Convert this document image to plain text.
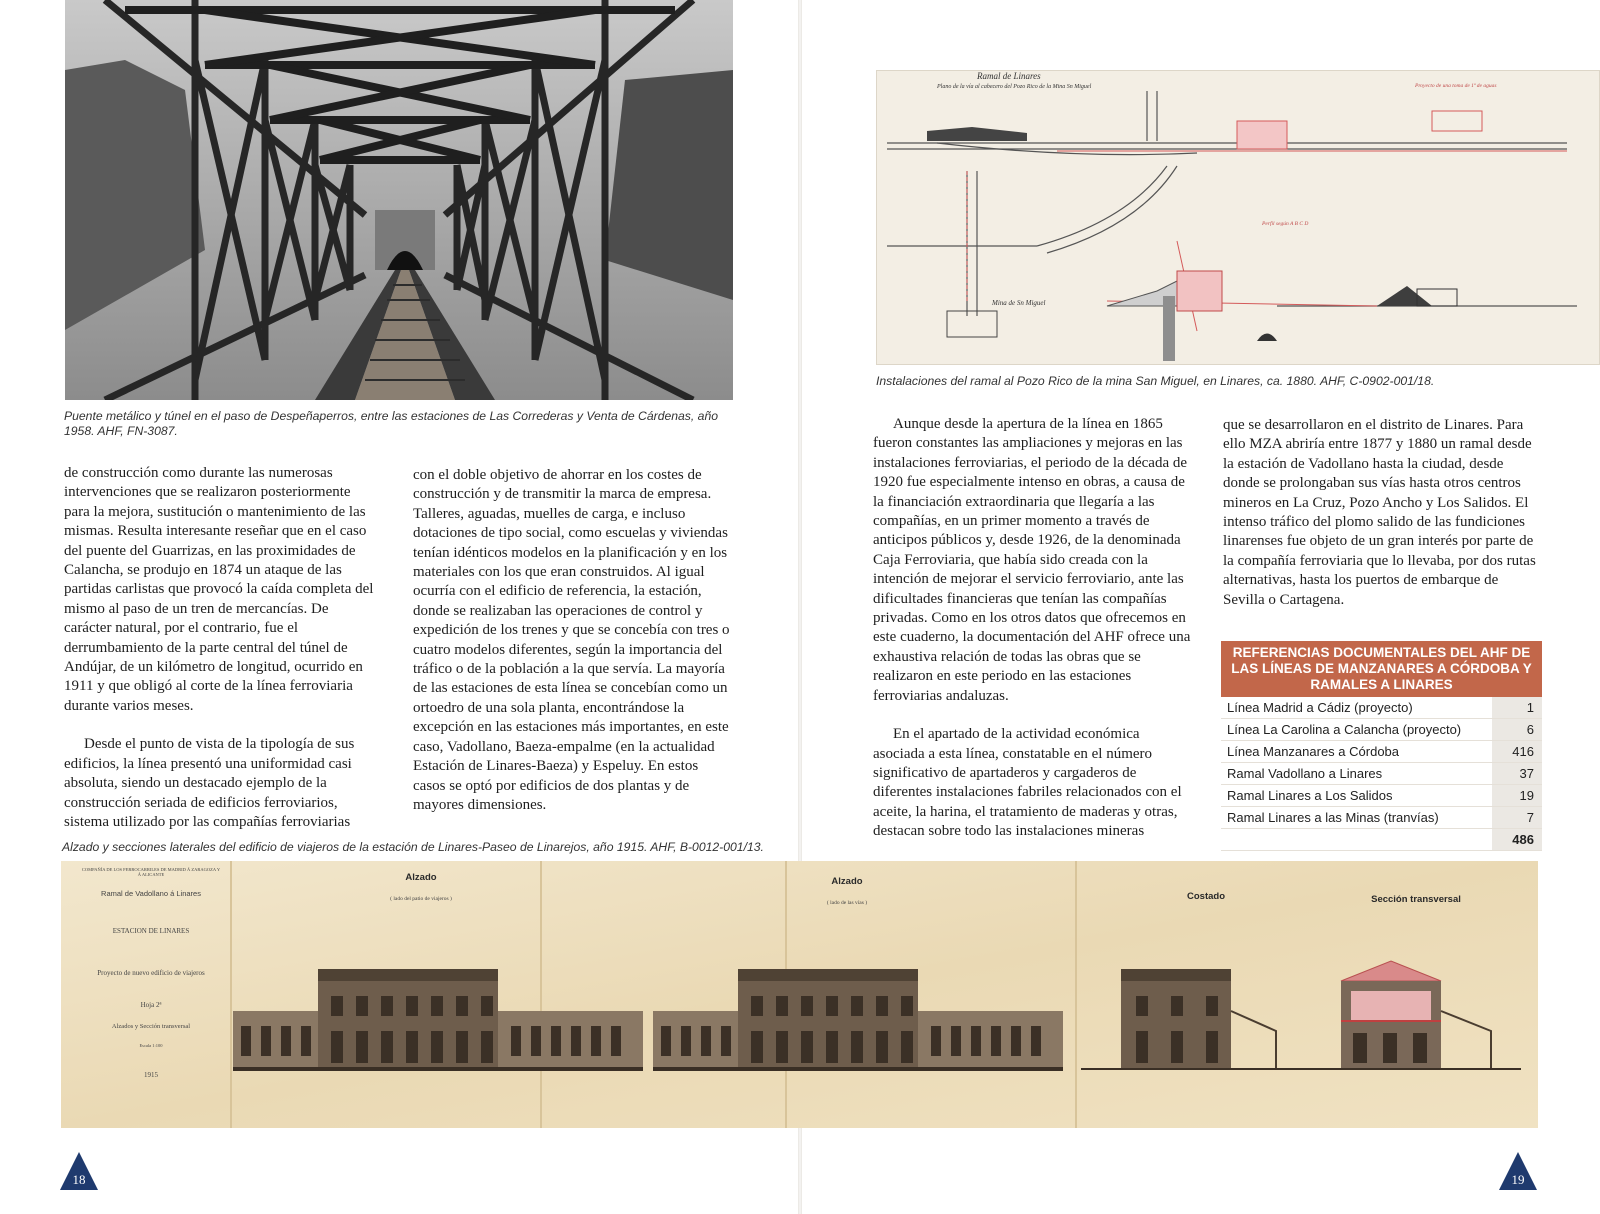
Puente metálico y túnel en el paso de Despeñaperros, entre las estaciones de Las Correderas y Venta de Cárdenas, año 1958. AHF, FN-3087.

de construcción como durante las numerosas intervenciones que se realizaron posteriormente para la mejora, sustitución o mantenimiento de las mismas. Resulta interesante reseñar que en el caso del puente del Guarrizas, en las proximidades de Calancha, se produjo en 1874 un ataque de las partidas carlistas que provocó la caída completa del mismo al paso de un tren de mercancías. De carácter natural, por el contrario, fue el derrumbamiento de la parte central del túnel de Andújar, de un kilómetro de longitud, ocurrido en 1911 y que obligó al corte de la línea ferroviaria durante varios meses.

Desde el punto de vista de la tipología de sus edificios, la línea presentó una uniformidad casi absoluta, siendo un destacado ejemplo de la construcción seriada de edificios ferroviarios, sistema utilizado por las compañías ferroviarias

con el doble objetivo de ahorrar en los costes de construcción y de transmitir la marca de empresa. Talleres, aguadas, muelles de carga, e incluso dotaciones de tipo social, como escuelas y viviendas tenían idénticos modelos en la planificación y en los materiales con los que eran construidos. Al igual ocurría con el edificio de referencia, la estación, donde se realizaban las operaciones de control y expedición de los trenes y que se concebía con tres o cuatro modelos diferentes, según la importancia del tráfico o de la población a la que servía. La mayoría de las estaciones de esta línea se concebían como un ortoedro de una sola planta, encontrándose la excepción en las estaciones más importantes, en este caso, Vadollano, Baeza-empalme (en la actualidad Estación de Linares-Baeza) y Espeluy. En estos casos se optó por edificios de dos plantas y de mayores dimensiones.

Alzado y secciones laterales del edificio de viajeros de la estación de Linares-Paseo de Linarejos, año 1915. AHF, B-0012-001/13.
COMPAÑÍA DE LOS FERROCARRILES DE MADRID Á ZARAGOZA Y Á ALICANTE
Ramal de Vadollano á Linares
ESTACION DE LINARES
Proyecto de nuevo edificio de viajeros
Hoja 2ª
Alzados y Sección transversal
Escala 1:100
1915
Alzado
( lado del patio de viajeros )
Alzado
( lado de las vías )
Costado	Sección transversal
18
Ramal de Linares
Plano de la vía al cabecero del Pozo Rico de la Mina Sn Miguel
Mina de Sn Miguel
Perfil según A B C D
Proyecto de una toma de 1ª de aguas
Instalaciones del ramal al Pozo Rico de la mina San Miguel, en Linares, ca. 1880. AHF, C-0902-001/18.

Aunque desde la apertura de la línea en 1865 fueron constantes las ampliaciones y mejoras en las instalaciones ferroviarias, el periodo de la década de 1920 fue especialmente intenso en obras, a causa de la financiación extraordinaria que llegaría a las compañías, en un primer momento a través de anticipos públicos y, desde 1926, de la denominada Caja Ferroviaria, que había sido creada con la intención de mejorar el servicio ferroviario, ante las dificultades financieras que tenían las compañías privadas. Como en los otros datos que ofrecemos en este cuaderno, la documentación del AHF ofrece una exhaustiva relación de todas las obras que se realizaron en este periodo en las estaciones ferroviarias andaluzas.

En el apartado de la actividad económica asociada a esta línea, constatable en el número significativo de apartaderos y cargaderos de diferentes instalaciones fabriles relacionados con el aceite, la harina, el tratamiento de maderas y otras, destacan sobre todo las instalaciones mineras

que se desarrollaron en el distrito de Linares. Para ello MZA abriría entre 1877 y 1880 un ramal desde la estación de Vadollano hasta la ciudad, desde donde se prolongaban sus vías hasta otros centros mineros en La Cruz, Pozo Ancho y Los Salidos. El intenso tráfico del plomo salido de las fundiciones linarenses fue objeto de un gran interés por parte de la compañía ferroviaria que lo llevaba, por dos rutas alternativas, hasta los puertos de embarque de Sevilla o Cartagena.

REFERENCIAS DOCUMENTALES DEL AHF DE LAS LÍNEAS DE MANZANARES A CÓRDOBA Y RAMALES A LINARES
Línea Madrid a Cádiz (proyecto)	1
Línea La Carolina a Calancha (proyecto)	6
Línea Manzanares a Córdoba	416
Ramal Vadollano a Linares	37
Ramal Linares a Los Salidos	19
Ramal Linares a las Minas (tranvías)	7
486
19
